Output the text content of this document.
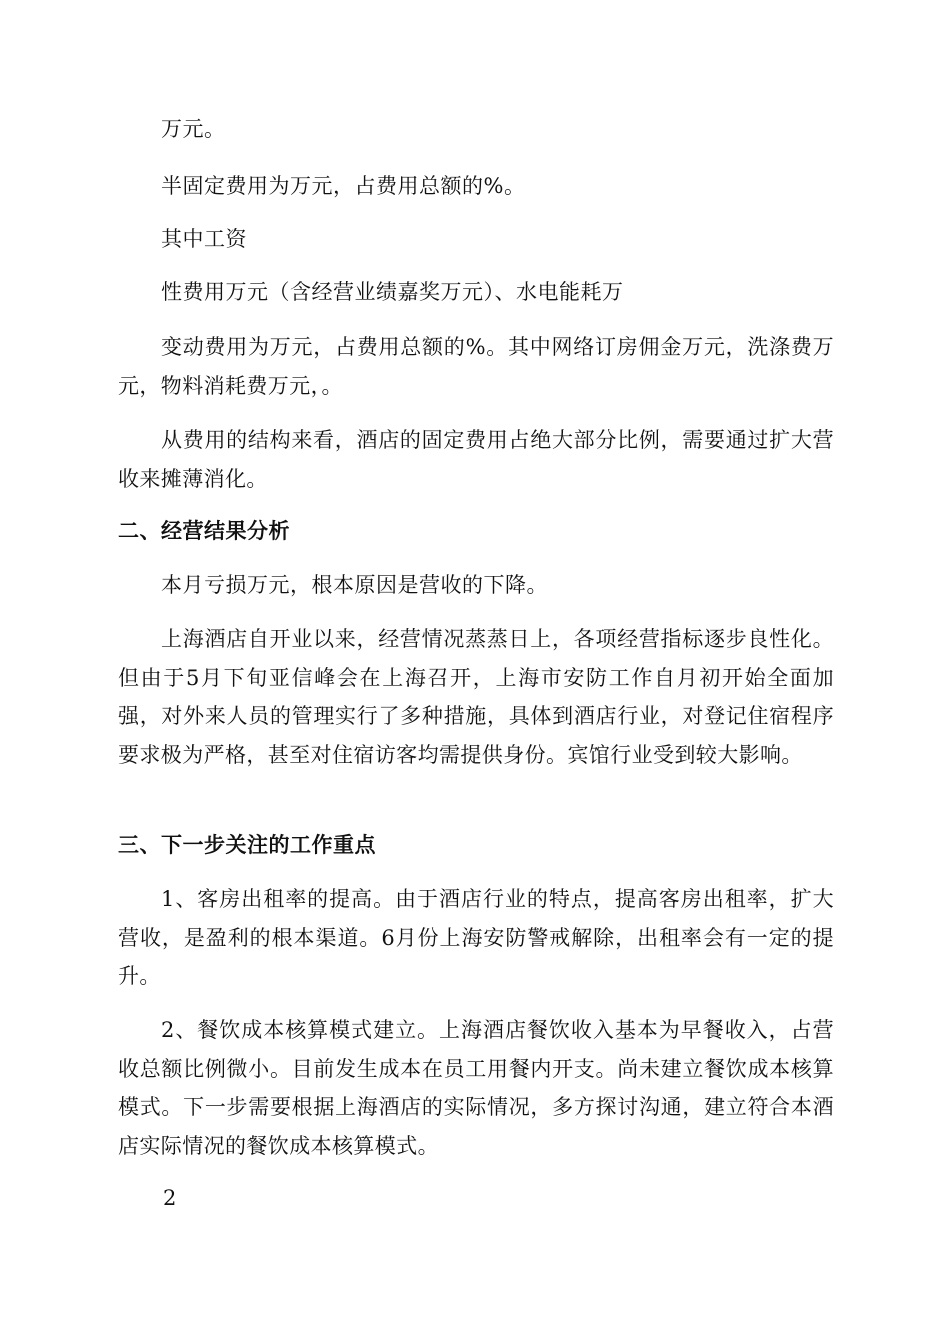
万元。
半固定费用为万元，占费用总额的%。
其中工资
性费用万元（含经营业绩嘉奖万元）、水电能耗万
变动费用为万元，占费用总额的%。其中网络订房佣金万元，洗涤费万元，物料消耗费万元，。
从费用的结构来看，酒店的固定费用占绝大部分比例，需要通过扩大营收来摊薄消化。
二、经营结果分析
本月亏损万元，根本原因是营收的下降。
上海酒店自开业以来，经营情况蒸蒸日上，各项经营指标逐步良性化。但由于5月下旬亚信峰会在上海召开，上海市安防工作自月初开始全面加强，对外来人员的管理实行了多种措施，具体到酒店行业，对登记住宿程序要求极为严格，甚至对住宿访客均需提供身份。宾馆行业受到较大影响。
三、下一步关注的工作重点
1、客房出租率的提高。由于酒店行业的特点，提高客房出租率，扩大营收，是盈利的根本渠道。6月份上海安防警戒解除，出租率会有一定的提升。
2、餐饮成本核算模式建立。上海酒店餐饮收入基本为早餐收入，占营收总额比例微小。目前发生成本在员工用餐内开支。尚未建立餐饮成本核算模式。下一步需要根据上海酒店的实际情况，多方探讨沟通，建立符合本酒店实际情况的餐饮成本核算模式。
2
